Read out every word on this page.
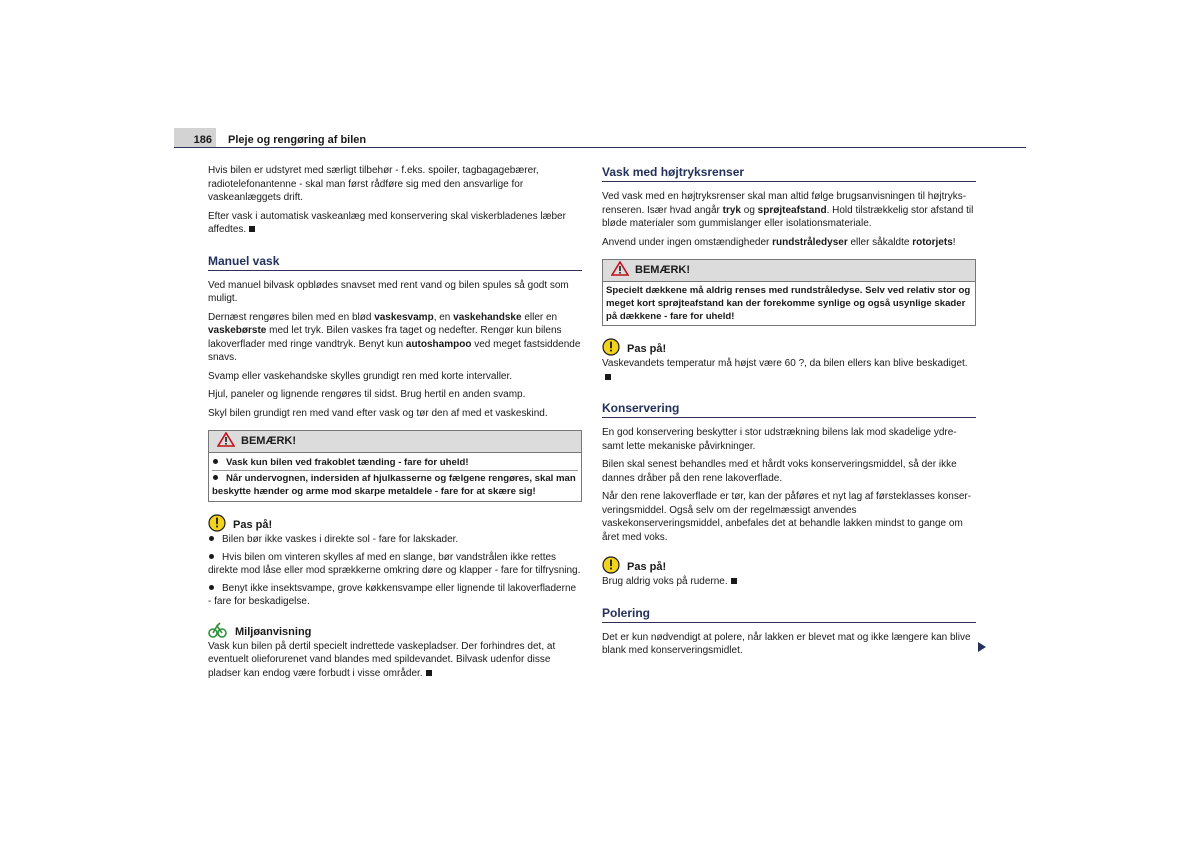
186	Pleje og rengøring af bilen

Hvis bilen er udstyret med særligt tilbehør - f.eks. spoiler, tagbagagebærer, radiotelefonantenne - skal man først rådføre sig med den ansvarlige for vaskeanlæggets drift.

Efter vask i automatisk vaskeanlæg med konservering skal viskerbladenes læber affedtes.

Manuel vask

Ved manuel bilvask opblødes snavset med rent vand og bilen spules så godt som muligt.

Dernæst rengøres bilen med en blød vaskesvamp, en vaskehandske eller en vaskebørste med let tryk. Bilen vaskes fra taget og nedefter. Rengør kun bilens lakoverflader med ringe vandtryk. Benyt kun autoshampoo ved meget fastsiddende snavs.

Svamp eller vaskehandske skylles grundigt ren med korte intervaller.

Hjul, paneler og lignende rengøres til sidst. Brug hertil en anden svamp.

Skyl bilen grundigt ren med vand efter vask og tør den af med et vaskeskind.

BEMÆRK!
Vask kun bilen ved frakoblet tænding - fare for uheld!
Når undervognen, indersiden af hjulkasserne og fælgene rengøres, skal man beskytte hænder og arme mod skarpe metaldele - fare for at skære sig!
Pas på!

Bilen bør ikke vaskes i direkte sol - fare for lakskader.

Hvis bilen om vinteren skylles af med en slange, bør vandstrålen ikke rettes direkte mod låse eller mod sprækkerne omkring døre og klapper - fare for tilfrysning.

Benyt ikke insektsvampe, grove køkkensvampe eller lignende til lakoverfladerne - fare for beskadigelse.

Miljøanvisning

Vask kun bilen på dertil specielt indrettede vaskepladser. Der forhindres det, at eventuelt olieforurenet vand blandes med spildevandet. Bilvask udenfor disse pladser kan endog være forbudt i visse områder.

Vask med højtryksrenser

Ved vask med en højtryksrenser skal man altid følge brugsanvisningen til højtryksrenseren. Især hvad angår tryk og sprøjteafstand. Hold tilstrækkelig stor afstand til bløde materialer som gummislanger eller isolationsmateriale.

Anvend under ingen omstændigheder rundstråledyser eller såkaldte rotorjets!

BEMÆRK!
Specielt dækkene må aldrig renses med rundstråledyse. Selv ved relativ stor og meget kort sprøjteafstand kan der forekomme synlige og også usynlige skader på dækkene - fare for uheld!
Pas på!

Vaskevandets temperatur må højst være 60 ?, da bilen ellers kan blive beskadiget.

Konservering

En god konservering beskytter i stor udstrækning bilens lak mod skadelige ydre- samt lette mekaniske påvirkninger.

Bilen skal senest behandles med et hårdt voks konserveringsmiddel, så der ikke dannes dråber på den rene lakoverflade.

Når den rene lakoverflade er tør, kan der påføres et nyt lag af førsteklasses konserveringsmiddel. Også selv om der regelmæssigt anvendes vaskekonserveringsmiddel, anbefales det at behandle lakken mindst to gange om året med voks.

Pas på!

Brug aldrig voks på ruderne.

Polering

Det er kun nødvendigt at polere, når lakken er blevet mat og ikke længere kan blive blank med konserveringsmidlet.
